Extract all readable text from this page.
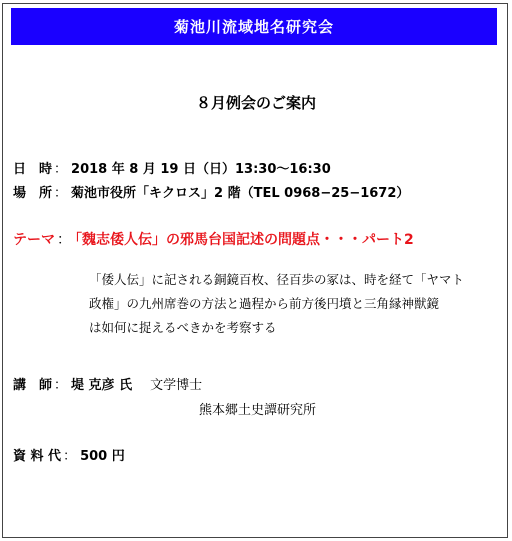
菊池川流域地名研究会
８月例会のご案内
日　時 ： 2018 年 8 月 19 日（日）13:30〜16:30
場　所 ： 菊池市役所「キクロス」2 階（TEL 0968−25−1672）
テーマ ： 「魏志倭人伝」の邪馬台国記述の問題点・・・パート2
「倭人伝」に記される銅鏡百枚、径百歩の冢は、時を経て「ヤマト
政権」の九州席巻の方法と過程から前方後円墳と三角縁神獣鏡
は如何に捉えるべきかを考察する
講　師 ： 堤 克彦 氏 文学博士
熊本郷土史譚研究所
資 料 代 ： 500 円
